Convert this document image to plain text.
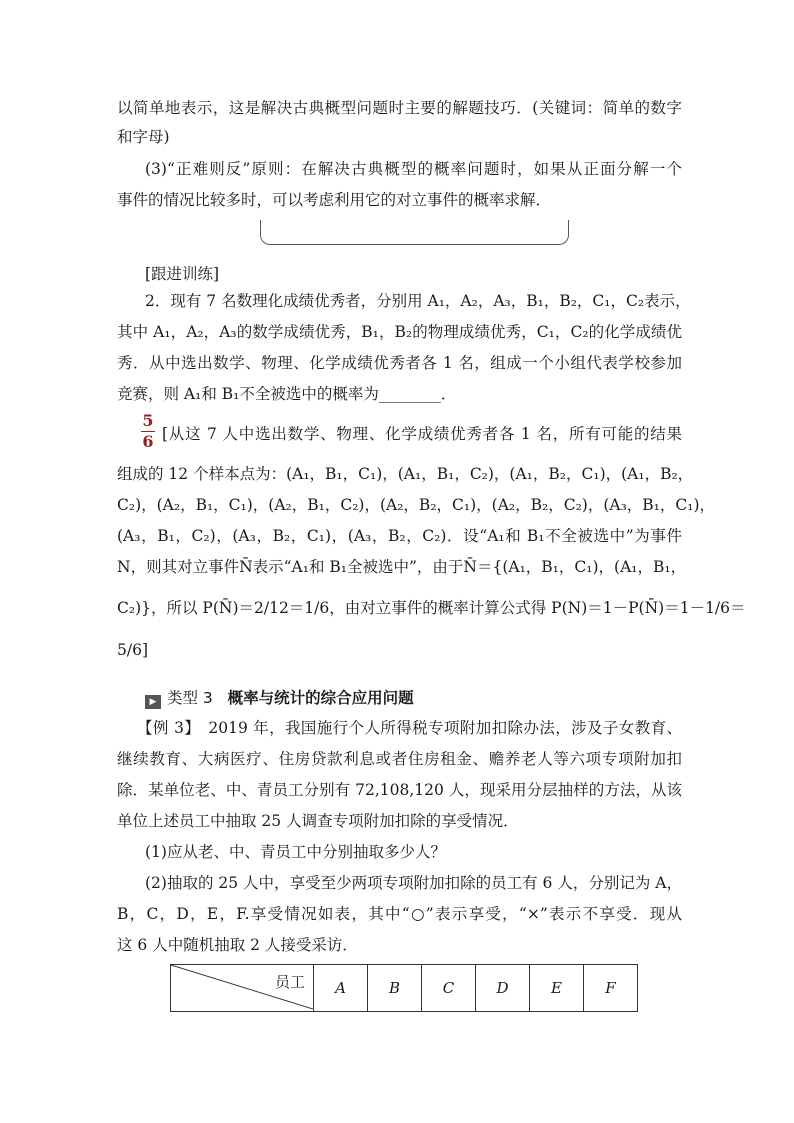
以简单地表示，这是解决古典概型问题时主要的解题技巧．(关键词：简单的数字
和字母)
(3)“正难则反”原则：在解决古典概型的概率问题时，如果从正面分解一个
事件的情况比较多时，可以考虑利用它的对立事件的概率求解．
[跟进训练]
2．现有 7 名数理化成绩优秀者，分别用 A₁，A₂，A₃，B₁，B₂，C₁，C₂表示，
其中 A₁，A₂，A₃的数学成绩优秀，B₁，B₂的物理成绩优秀，C₁，C₂的化学成绩优
秀．从中选出数学、物理、化学成绩优秀者各 1 名，组成一个小组代表学校参加
竞赛，则 A₁和 B₁不全被选中的概率为________．
5
6 [从这 7 人中选出数学、物理、化学成绩优秀者各 1 名，所有可能的结果
组成的 12 个样本点为：(A₁，B₁，C₁)，(A₁，B₁，C₂)，(A₁，B₂，C₁)，(A₁，B₂，
C₂)，(A₂，B₁，C₁)，(A₂，B₁，C₂)，(A₂，B₂，C₁)，(A₂，B₂，C₂)，(A₃，B₁，C₁)，
(A₃，B₁，C₂)，(A₃，B₂，C₁)，(A₃，B₂，C₂)．设“A₁和 B₁不全被选中”为事件
N，则其对立事件N̄表示“A₁和 B₁全被选中”，由于N̄＝{(A₁，B₁，C₁)，(A₁，B₁，
C₂)}，所以 P(N̄)＝2/12＝1/6，由对立事件的概率计算公式得 P(N)＝1－P(N̄)＝1－1/6＝
5/6]
▶ 类型 3 概率与统计的综合应用问题
【例 3】　2019 年，我国施行个人所得税专项附加扣除办法，涉及子女教育、
继续教育、大病医疗、住房贷款利息或者住房租金、赡养老人等六项专项附加扣
除．某单位老、中、青员工分别有 72,108,120 人，现采用分层抽样的方法，从该
单位上述员工中抽取 25 人调查专项附加扣除的享受情况．
(1)应从老、中、青员工中分别抽取多少人？
(2)抽取的 25 人中，享受至少两项专项附加扣除的员工有 6 人，分别记为 A，
B，C，D，E，F.享受情况如表，其中“○”表示享受，“×”表示不享受．现从
这 6 人中随机抽取 2 人接受采访．
员工	A	B	C	D	E	F
